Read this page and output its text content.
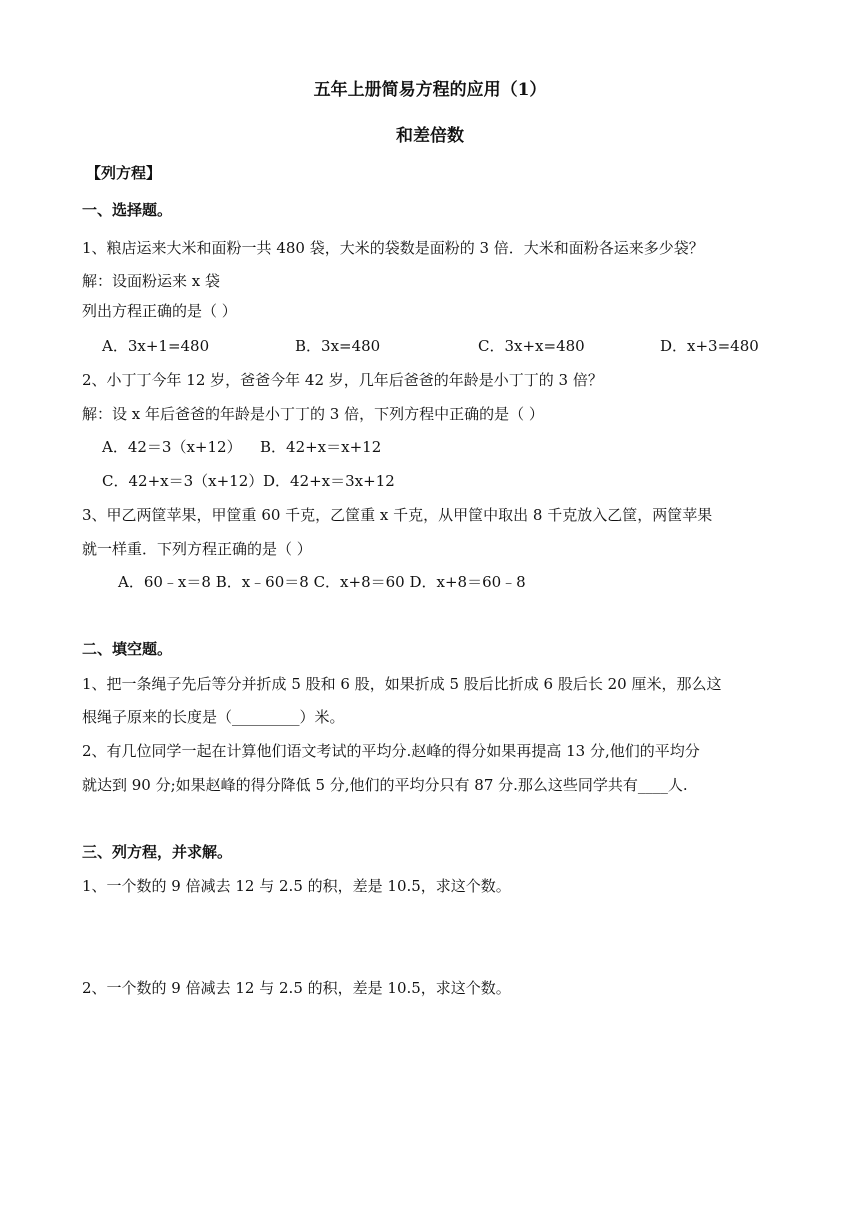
五年上册简易方程的应用（1）
和差倍数
【列方程】
一、选择题。
1、粮店运来大米和面粉一共 480 袋，大米的袋数是面粉的 3 倍．大米和面粉各运来多少袋？
解：设面粉运来 x 袋
列出方程正确的是（ ）
A．3x+1=480	B．3x=480	C．3x+x=480	D．x+3=480
2、小丁丁今年 12 岁，爸爸今年 42 岁，几年后爸爸的年龄是小丁丁的 3 倍？
解：设 x 年后爸爸的年龄是小丁丁的 3 倍，下列方程中正确的是（ ）
A．42＝3（x+12） B．42+x＝x+12
C．42+x＝3（x+12） D．42+x＝3x+12
3、甲乙两筐苹果，甲筐重 60 千克，乙筐重 x 千克，从甲筐中取出 8 千克放入乙筐，两筐苹果
就一样重．下列方程正确的是（ ）
A．60﹣x＝8 B．x﹣60＝8 C．x+8＝60 D．x+8＝60﹣8
二、填空题。
1、把一条绳子先后等分并折成 5 股和 6 股，如果折成 5 股后比折成 6 股后长 20 厘米，那么这
根绳子原来的长度是（_________）米。
2、有几位同学一起在计算他们语文考试的平均分.赵峰的得分如果再提高 13 分,他们的平均分
就达到 90 分;如果赵峰的得分降低 5 分,他们的平均分只有 87 分.那么这些同学共有____人.
三、列方程，并求解。
1、一个数的 9 倍减去 12 与 2.5 的积，差是 10.5，求这个数。
2、一个数的 9 倍减去 12 与 2.5 的积，差是 10.5，求这个数。
